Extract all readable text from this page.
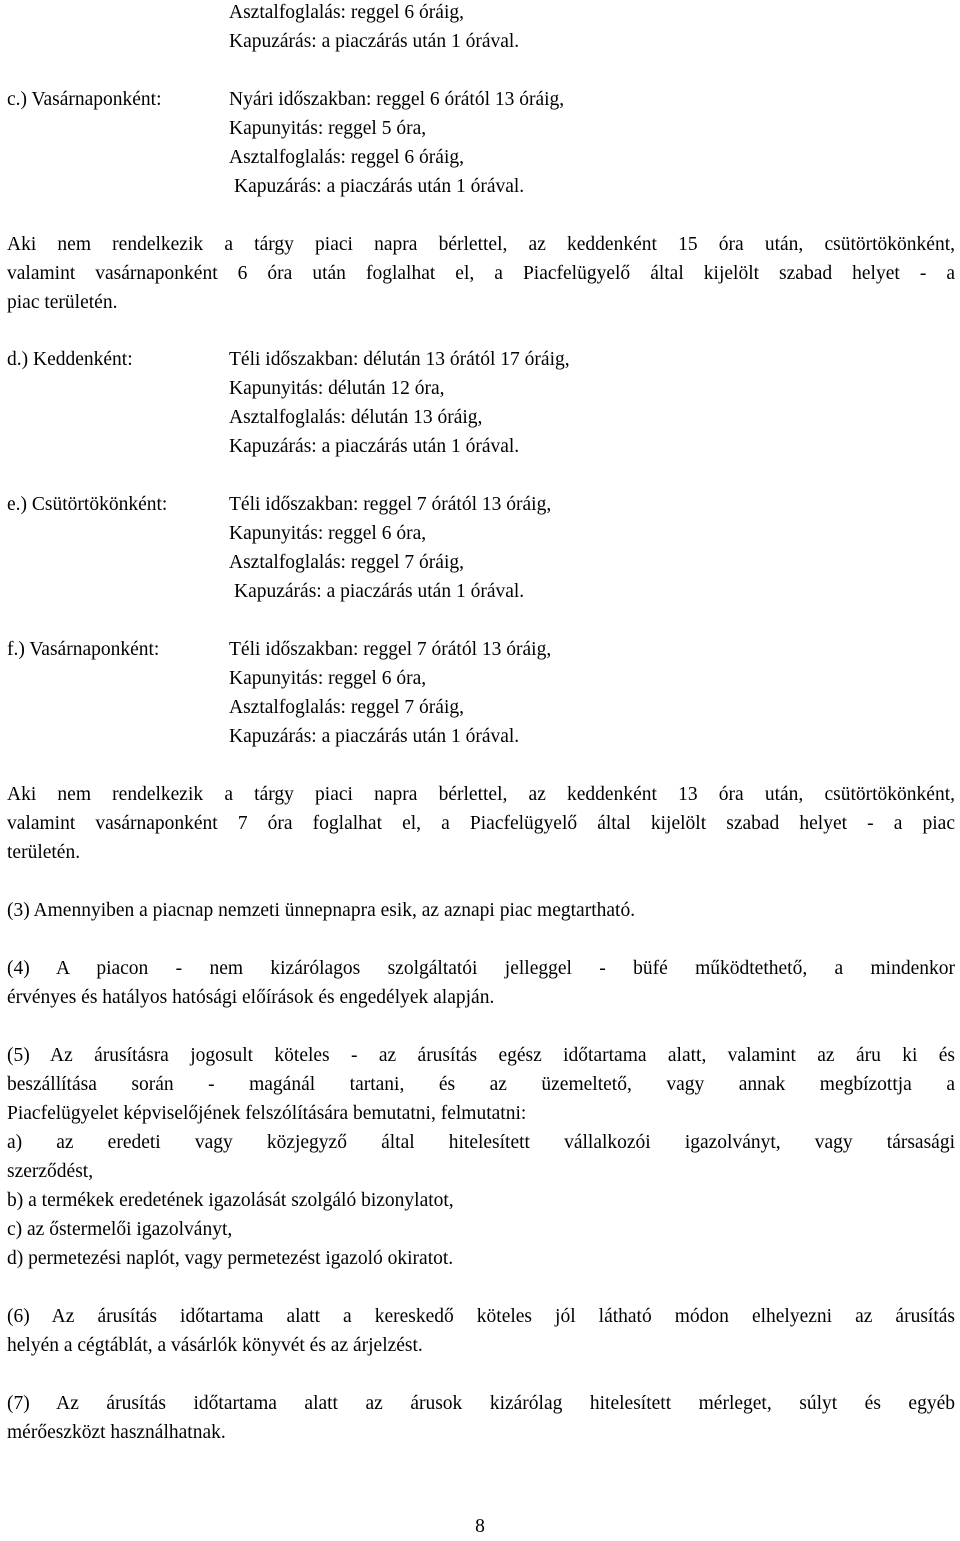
Asztalfoglalás: reggel 6 óráig,
Kapuzárás: a piaczárás után 1 órával.
c.) Vasárnaponként:	Nyári időszakban: reggel 6 órától 13 óráig,
Kapunyitás: reggel 5 óra,
Asztalfoglalás: reggel 6 óráig,
Kapuzárás: a piaczárás után 1 órával.
Aki nem rendelkezik a tárgy piaci napra bérlettel, az keddenként 15 óra után, csütörtökönként,
valamint vasárnaponként 6 óra után foglalhat el, a Piacfelügyelő által kijelölt szabad helyet - a
piac területén.
d.) Keddenként:	Téli időszakban: délután 13 órától 17 óráig,
Kapunyitás: délután 12 óra,
Asztalfoglalás: délután 13 óráig,
Kapuzárás: a piaczárás után 1 órával.
e.) Csütörtökönként:	Téli időszakban: reggel 7 órától 13 óráig,
Kapunyitás: reggel 6 óra,
Asztalfoglalás: reggel 7 óráig,
Kapuzárás: a piaczárás után 1 órával.
f.) Vasárnaponként:	Téli időszakban: reggel 7 órától 13 óráig,
Kapunyitás: reggel 6 óra,
Asztalfoglalás: reggel 7 óráig,
Kapuzárás: a piaczárás után 1 órával.
Aki nem rendelkezik a tárgy piaci napra bérlettel, az keddenként 13 óra után, csütörtökönként,
valamint vasárnaponként 7 óra foglalhat el, a Piacfelügyelő által kijelölt szabad helyet - a piac
területén.
(3) Amennyiben a piacnap nemzeti ünnepnapra esik, az aznapi piac megtartható.
(4) A piacon - nem kizárólagos szolgáltatói jelleggel - büfé működtethető, a mindenkor
érvényes és hatályos hatósági előírások és engedélyek alapján.
(5) Az árusításra jogosult köteles - az árusítás egész időtartama alatt, valamint az áru ki és
beszállítása során - magánál tartani, és az üzemeltető, vagy annak megbízottja a
Piacfelügyelet képviselőjének felszólítására bemutatni, felmutatni:
a) az eredeti vagy közjegyző által hitelesített vállalkozói igazolványt, vagy társasági
szerződést,
b) a termékek eredetének igazolását szolgáló bizonylatot,
c) az őstermelői igazolványt,
d) permetezési naplót, vagy permetezést igazoló okiratot.
(6) Az árusítás időtartama alatt a kereskedő köteles jól látható módon elhelyezni az árusítás
helyén a cégtáblát, a vásárlók könyvét és az árjelzést.
(7) Az árusítás időtartama alatt az árusok kizárólag hitelesített mérleget, súlyt és egyéb
mérőeszközt használhatnak.
8
